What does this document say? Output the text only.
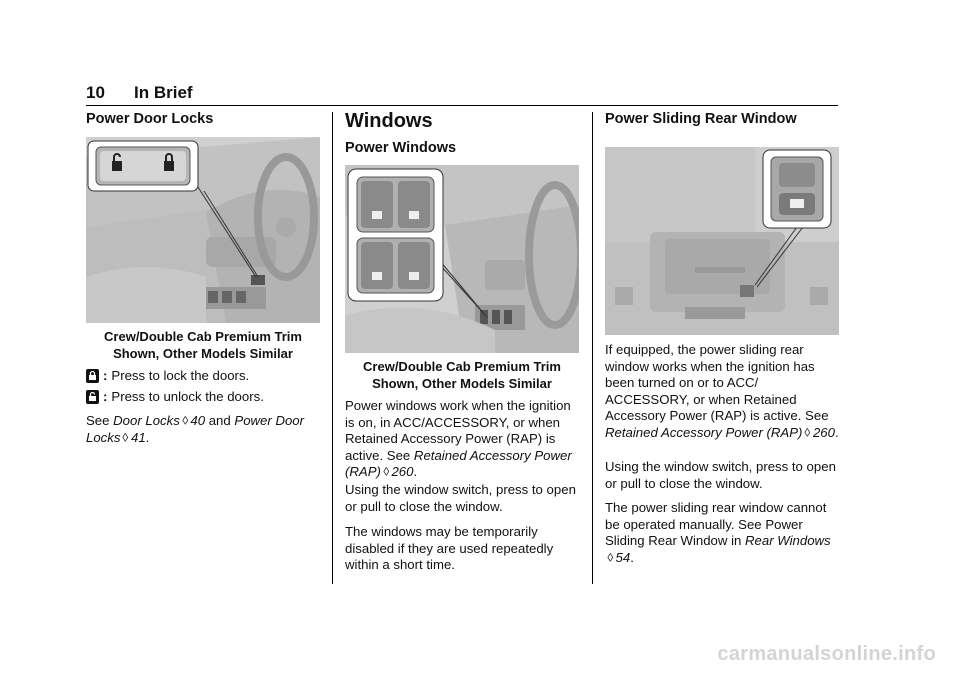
10 In Brief
Power Door Locks

Crew/Double Cab Premium Trim

Shown, Other Models Similar

: Press to lock the doors.
: Press to unlock the doors.

See Door Locks ◊ 40 and Power Door Locks ◊ 41.

Windows
Power Windows

Crew/Double Cab Premium Trim

Shown, Other Models Similar

Power windows work when the ignition is on, in ACC/ACCESSORY, or when Retained Accessory Power (RAP) is active. See Retained Accessory Power (RAP) ◊ 260.

Using the window switch, press to open or pull to close the window.

The windows may be temporarily disabled if they are used repeatedly within a short time.

Power Sliding Rear Window

If equipped, the power sliding rear window works when the ignition has been turned on or to ACC/ ACCESSORY, or when Retained Accessory Power (RAP) is active. See Retained Accessory Power (RAP) ◊ 260.

Using the window switch, press to open or pull to close the window.

The power sliding rear window cannot be operated manually. See Power Sliding Rear Window in Rear Windows◊ 54.

carmanualsonline.info
